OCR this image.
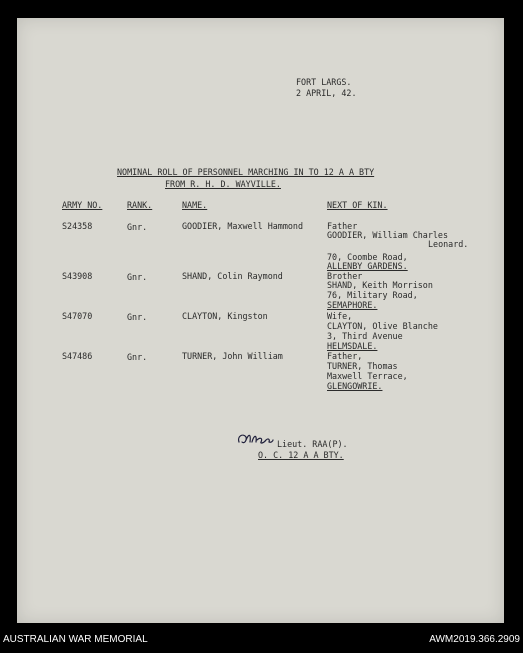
FORT LARGS.
2 APRIL, 42.
NOMINAL ROLL OF PERSONNEL MARCHING IN TO 12 A A BTY
FROM R. H. D. WAYVILLE.
ARMY NO.	RANK.	NAME.	NEXT OF KIN.
S24358	Gnr.	GOODIER, Maxwell Hammond	Father
GOODIER, William Charles
Leonard.
70, Coombe Road,
ALLENBY GARDENS.
S43908	Gnr.	SHAND, Colin Raymond	Brother
SHAND, Keith Morrison
76, Military Road,
SEMAPHORE.
S47070	Gnr.	CLAYTON, Kingston	Wife,
CLAYTON, Olive Blanche
3, Third Avenue
HELMSDALE.
S47486	Gnr.	TURNER, John William	Father,
TURNER, Thomas
Maxwell Terrace,
GLENGOWRIE.
Lieut. RAA(P).
O. C. 12 A A BTY.
AUSTRALIAN WAR MEMORIAL	AWM2019.366.2909
